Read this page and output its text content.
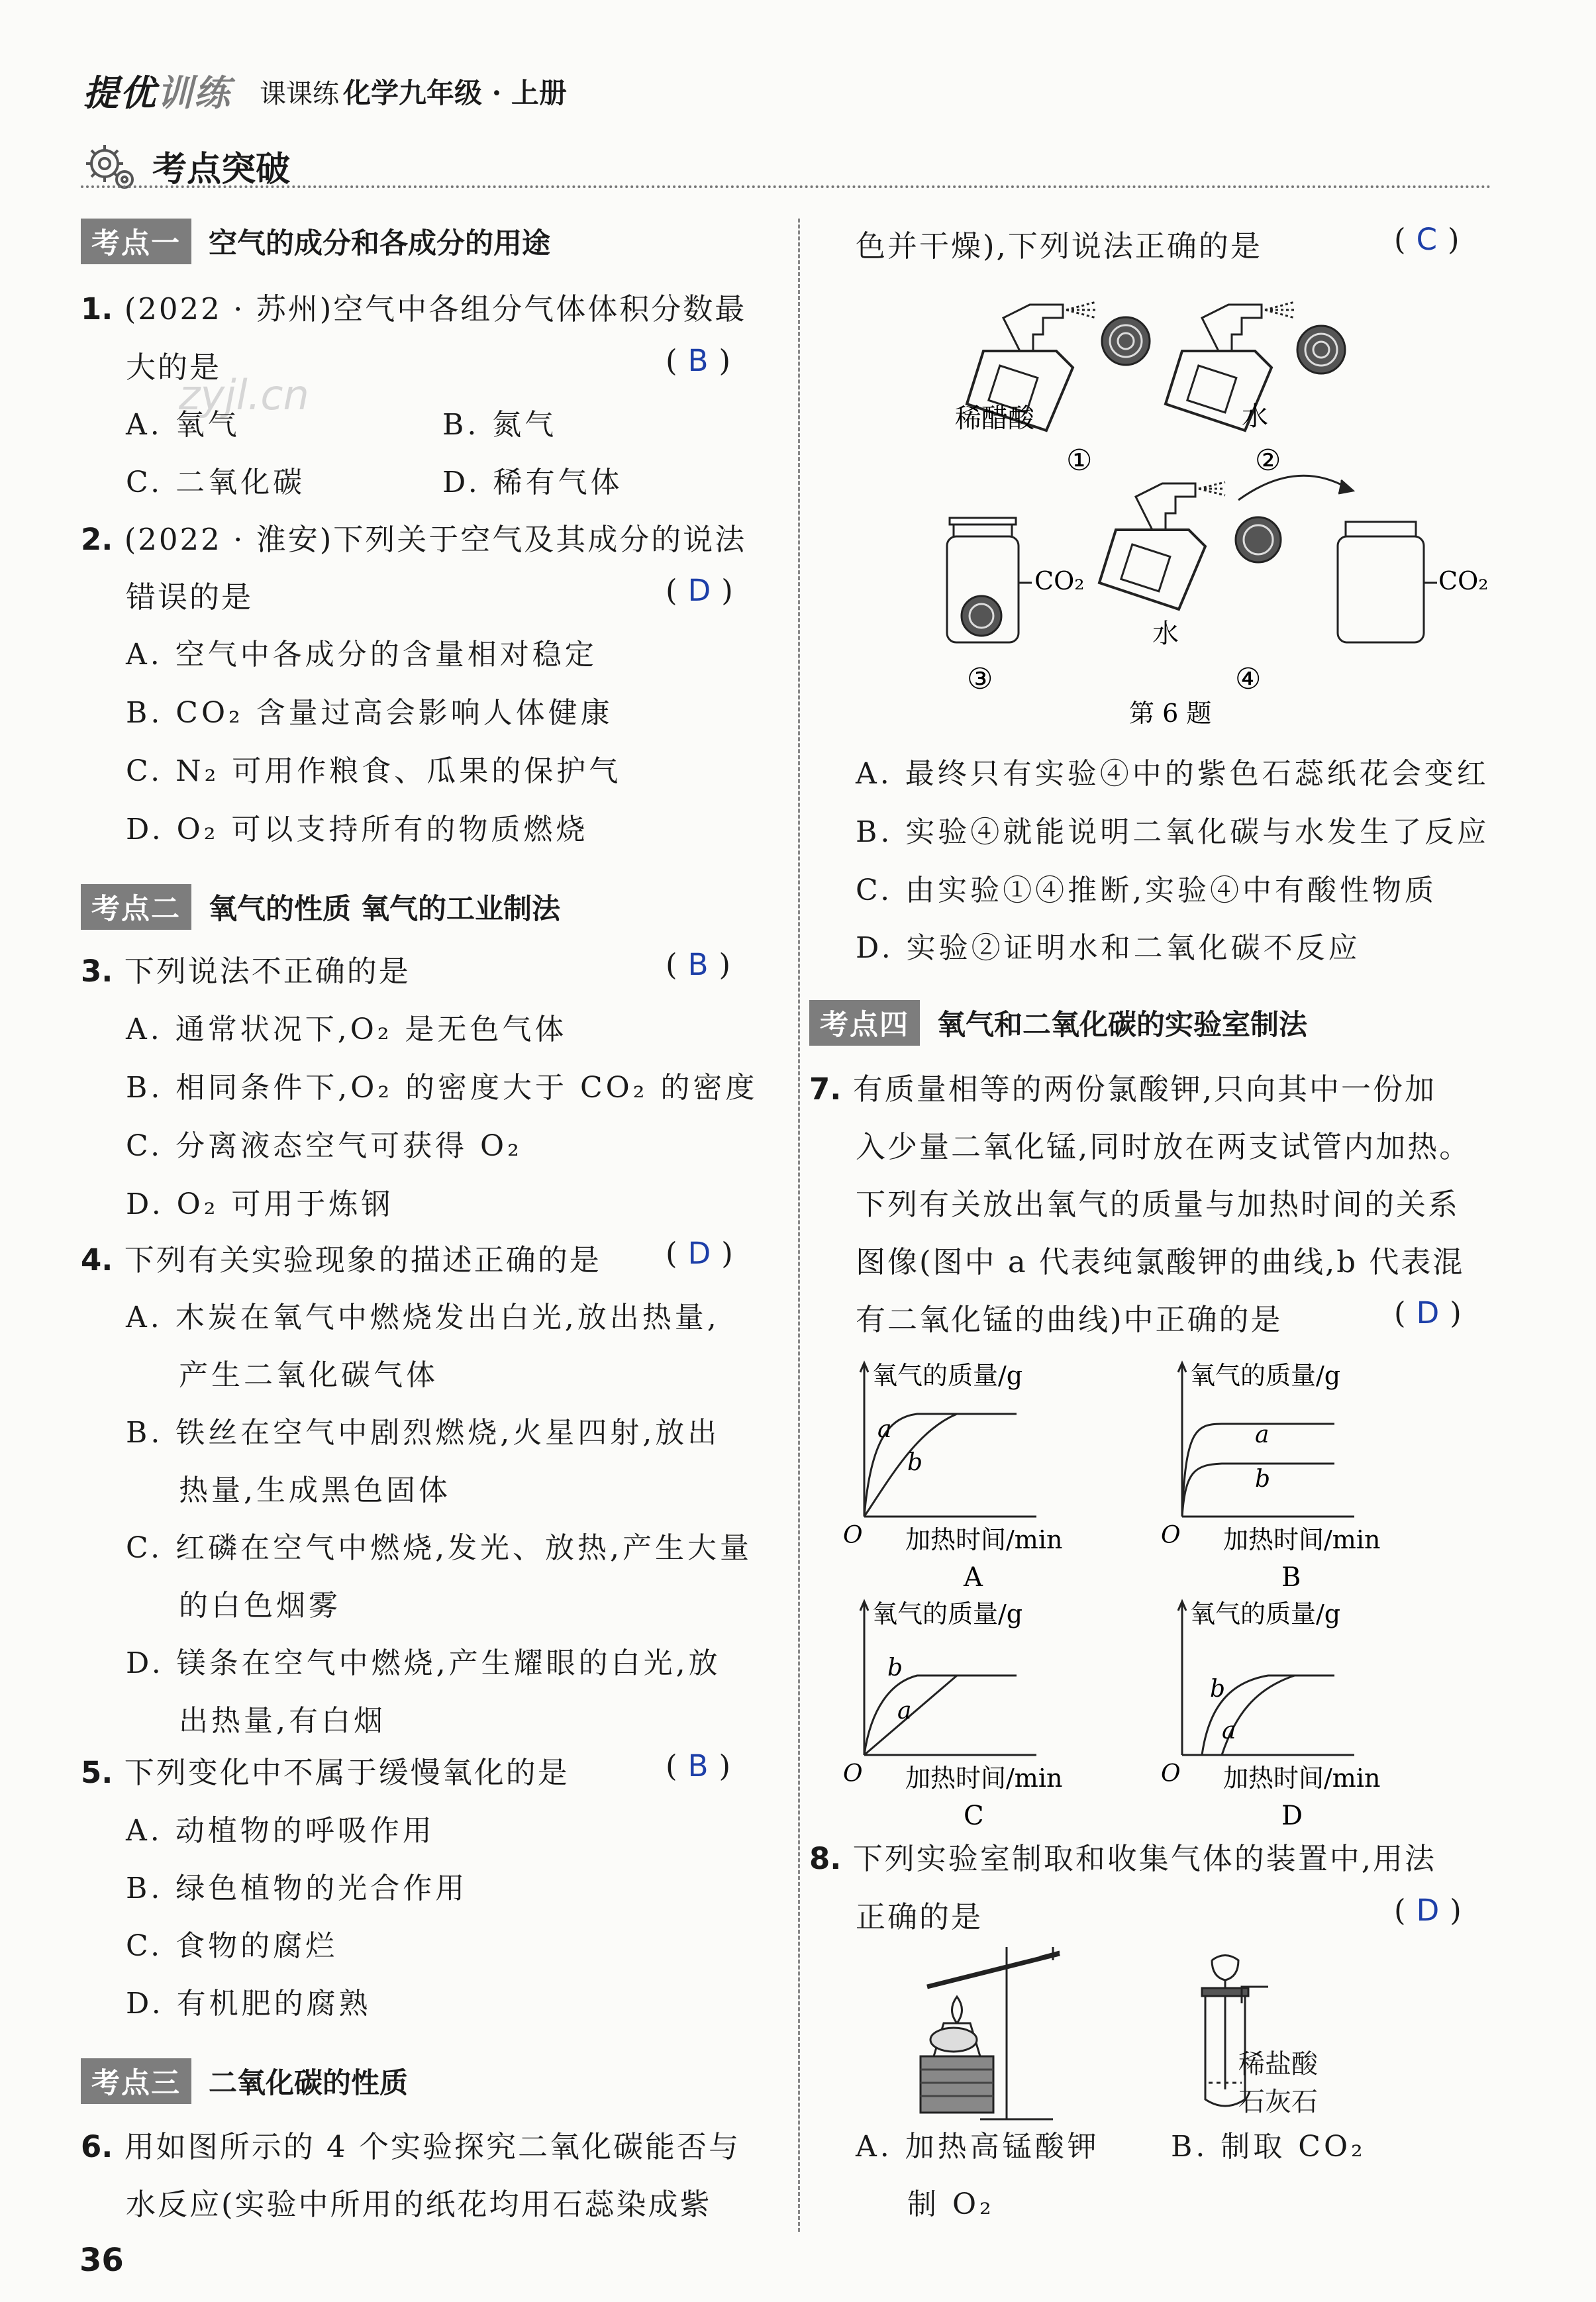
提优训练 课课练 化学九年级 · 上册
考点突破
zyjl.cn
考点一 空气的成分和各成分的用途
1. (2022 · 苏州)空气中各组分气体体积分数最
大的是	( B )
A. 氧气	B. 氮气
C. 二氧化碳	D. 稀有气体
2. (2022 · 淮安)下列关于空气及其成分的说法
错误的是	( D )
A. 空气中各成分的含量相对稳定
B. CO₂ 含量过高会影响人体健康
C. N₂ 可用作粮食、瓜果的保护气
D. O₂ 可以支持所有的物质燃烧
考点二 氧气的性质 氧气的工业制法
3. 下列说法不正确的是	( B )
A. 通常状况下,O₂ 是无色气体
B. 相同条件下,O₂ 的密度大于 CO₂ 的密度
C. 分离液态空气可获得 O₂
D. O₂ 可用于炼钢
4. 下列有关实验现象的描述正确的是 ( D )
A. 木炭在氧气中燃烧发出白光,放出热量,
产生二氧化碳气体
B. 铁丝在空气中剧烈燃烧,火星四射,放出
热量,生成黑色固体
C. 红磷在空气中燃烧,发光、放热,产生大量
的白色烟雾
D. 镁条在空气中燃烧,产生耀眼的白光,放
出热量,有白烟
5. 下列变化中不属于缓慢氧化的是	( B )
A. 动植物的呼吸作用
B. 绿色植物的光合作用
C. 食物的腐烂
D. 有机肥的腐熟
考点三 二氧化碳的性质
6. 用如图所示的 4 个实验探究二氧化碳能否与
水反应(实验中所用的纸花均用石蕊染成紫
36
色并干燥),下列说法正确的是	( C )
稀醋酸	水
CO₂
水
CO₂
①	②
③	④
第 6 题
A. 最终只有实验④中的紫色石蕊纸花会变红
B. 实验④就能说明二氧化碳与水发生了反应
C. 由实验①④推断,实验④中有酸性物质
D. 实验②证明水和二氧化碳不反应
考点四 氧气和二氧化碳的实验室制法
7. 有质量相等的两份氯酸钾,只向其中一份加
入少量二氧化锰,同时放在两支试管内加热。
下列有关放出氧气的质量与加热时间的关系
图像(图中 a 代表纯氯酸钾的曲线,b 代表混
有二氧化锰的曲线)中正确的是	( D )
氧气的质量/g
加热时间/min
O
A
a
b
氧气的质量/g
加热时间/min
O
B
a
b
氧气的质量/g
加热时间/min
O
C
b
a
氧气的质量/g
加热时间/min
O
D
b
a
8. 下列实验室制取和收集气体的装置中,用法
正确的是	( D )
稀盐酸
石灰石
A. 加热高锰酸钾
制 O₂
B. 制取 CO₂
